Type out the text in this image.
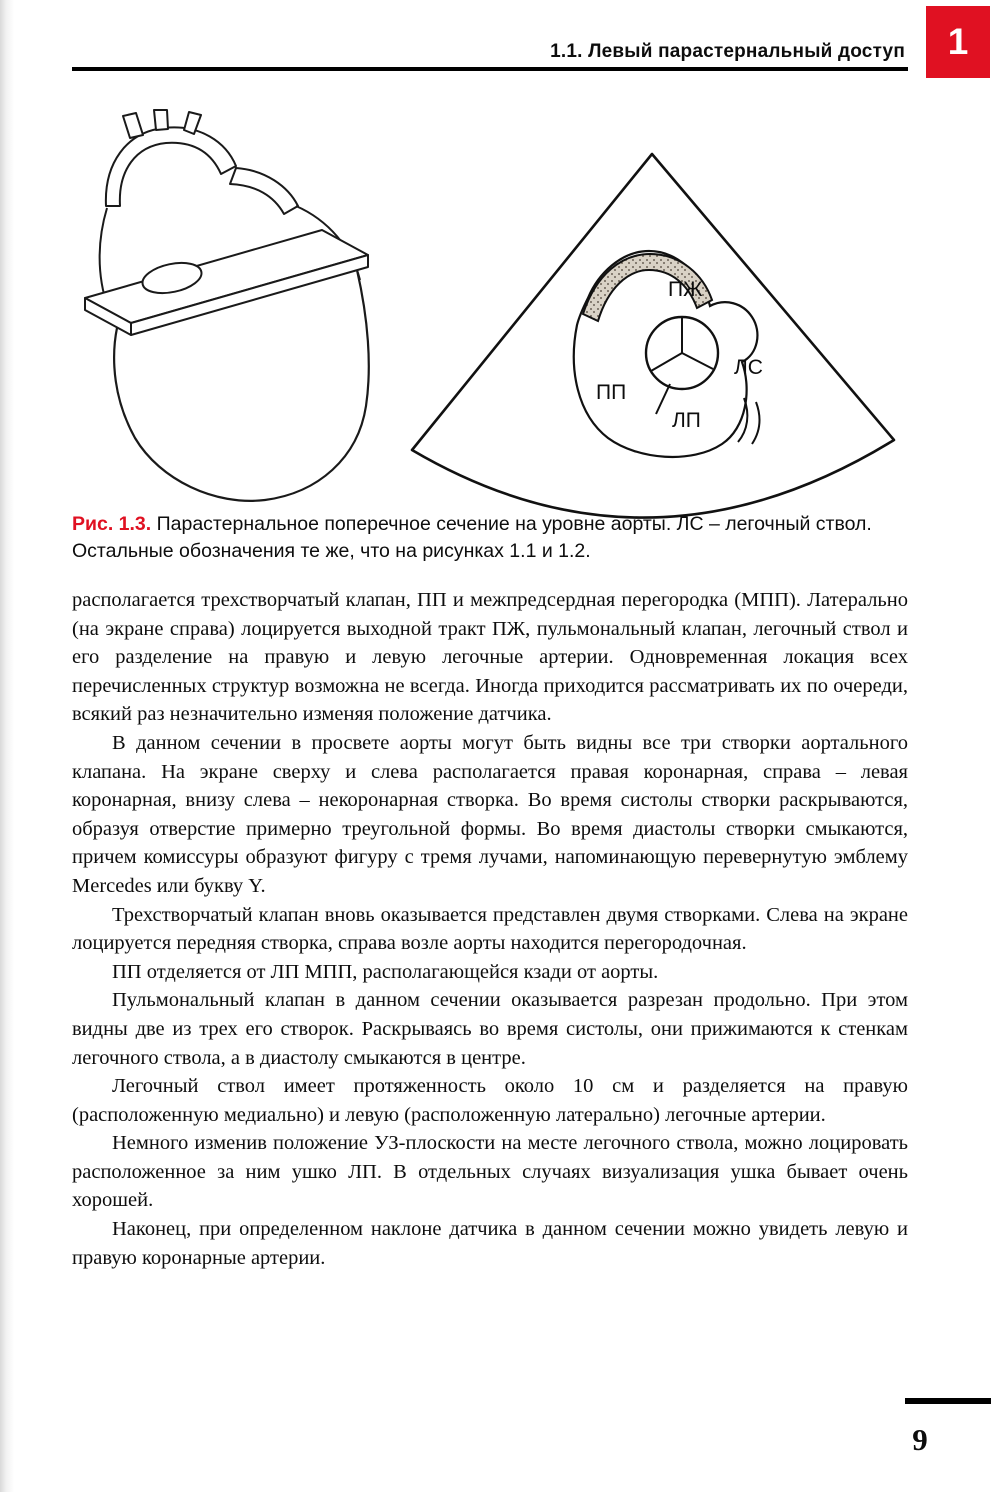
1.1. Левый парастернальный доступ	1
ПЖ
ЛС
ПП
ЛП
Рис. 1.3. Парастернальное поперечное сечение на уровне аорты. ЛС – легочный ствол. Остальные обозначения те же, что на рисунках 1.1 и 1.2.

располагается трехстворчатый клапан, ПП и межпредсердная перегородка (МПП). Латерально (на экране справа) лоцируется выходной тракт ПЖ, пульмональный клапан, легочный ствол и его разделение на правую и левую легочные артерии. Одновременная локация всех перечисленных структур возможна не всегда. Иногда приходится рассматривать их по очереди, всякий раз незначительно изменяя положение датчика.

В данном сечении в просвете аорты могут быть видны все три створки аортального клапана. На экране сверху и слева располагается правая коронарная, справа – левая коронарная, внизу слева – некоронарная створка. Во время систолы створки раскрываются, образуя отверстие примерно треугольной формы. Во время диастолы створки смыкаются, причем комиссуры образуют фигуру с тремя лучами, напоминающую перевернутую эмблему Mercedes или букву Y.

Трехстворчатый клапан вновь оказывается представлен двумя створками. Слева на экране лоцируется передняя створка, справа возле аорты находится перегородочная.

ПП отделяется от ЛП МПП, располагающейся кзади от аорты.

Пульмональный клапан в данном сечении оказывается разрезан продольно. При этом видны две из трех его створок. Раскрываясь во время систолы, они прижимаются к стенкам легочного ствола, а в диастолу смыкаются в центре.

Легочный ствол имеет протяженность около 10 см и разделяется на правую (расположенную медиально) и левую (расположенную латерально) легочные артерии.

Немного изменив положение УЗ-плоскости на месте легочного ствола, можно лоцировать расположенное за ним ушко ЛП. В отдельных случаях визуализация ушка бывает очень хорошей.

Наконец, при определенном наклоне датчика в данном сечении можно увидеть левую и правую коронарные артерии.

9
